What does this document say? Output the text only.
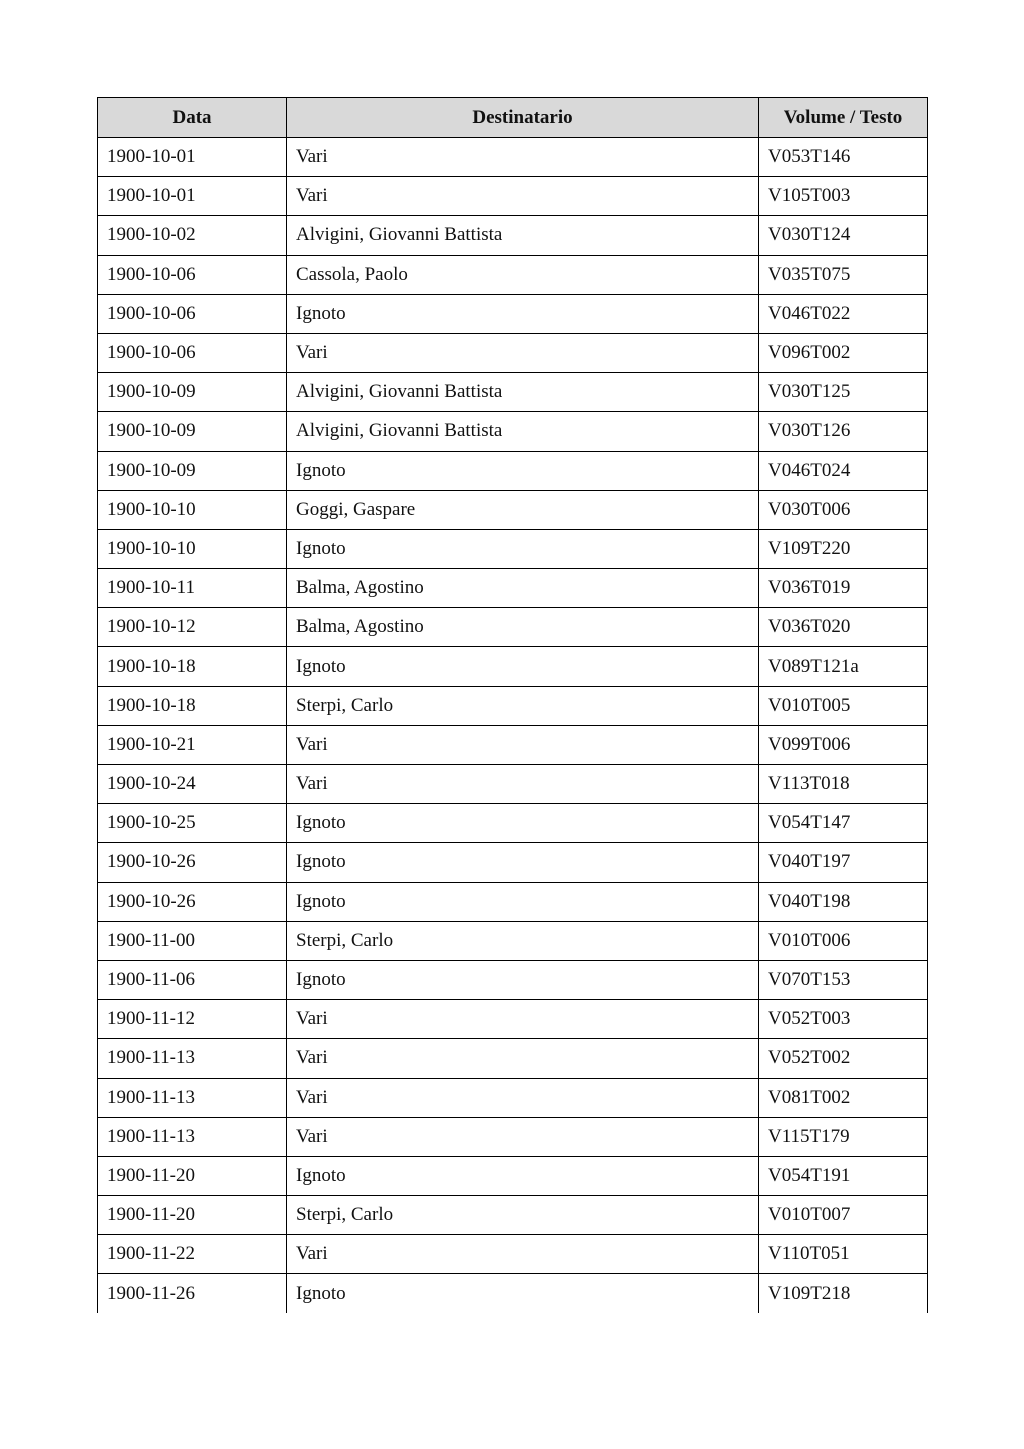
Data	Destinatario	Volume / Testo
1900-10-01	Vari	V053T146
1900-10-01	Vari	V105T003
1900-10-02	Alvigini, Giovanni Battista	V030T124
1900-10-06	Cassola, Paolo	V035T075
1900-10-06	Ignoto	V046T022
1900-10-06	Vari	V096T002
1900-10-09	Alvigini, Giovanni Battista	V030T125
1900-10-09	Alvigini, Giovanni Battista	V030T126
1900-10-09	Ignoto	V046T024
1900-10-10	Goggi, Gaspare	V030T006
1900-10-10	Ignoto	V109T220
1900-10-11	Balma, Agostino	V036T019
1900-10-12	Balma, Agostino	V036T020
1900-10-18	Ignoto	V089T121a
1900-10-18	Sterpi, Carlo	V010T005
1900-10-21	Vari	V099T006
1900-10-24	Vari	V113T018
1900-10-25	Ignoto	V054T147
1900-10-26	Ignoto	V040T197
1900-10-26	Ignoto	V040T198
1900-11-00	Sterpi, Carlo	V010T006
1900-11-06	Ignoto	V070T153
1900-11-12	Vari	V052T003
1900-11-13	Vari	V052T002
1900-11-13	Vari	V081T002
1900-11-13	Vari	V115T179
1900-11-20	Ignoto	V054T191
1900-11-20	Sterpi, Carlo	V010T007
1900-11-22	Vari	V110T051
1900-11-26	Ignoto	V109T218
